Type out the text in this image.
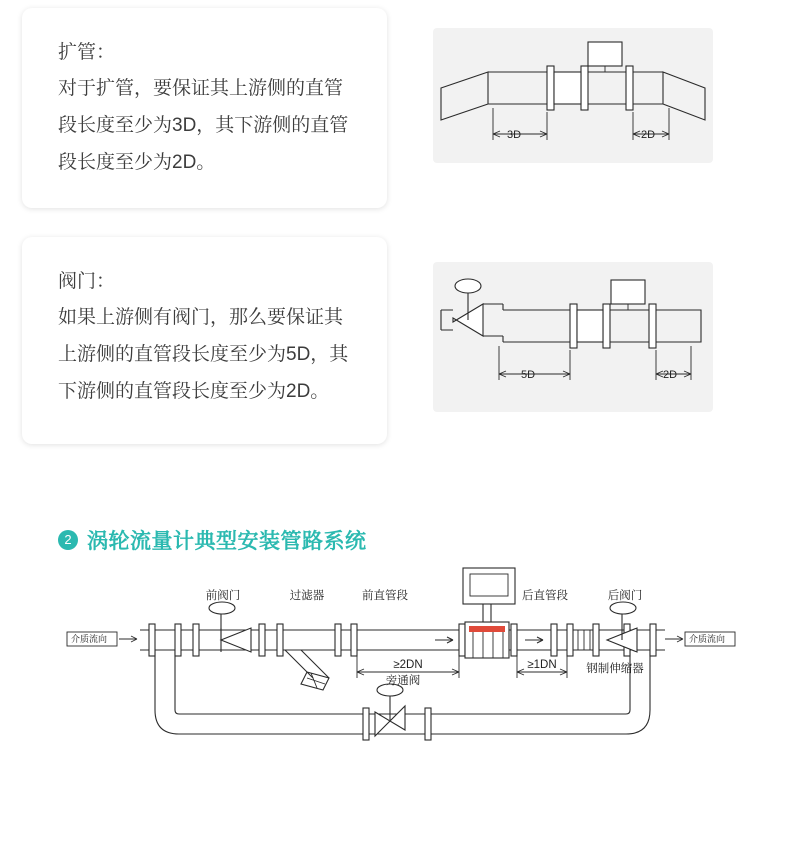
扩管：
对于扩管，要保证其上游侧的直管段长度至少为3D，其下游侧的直管段长度至少为2D。
3D	2D
阀门：
如果上游侧有阀门，那么要保证其上游侧的直管段长度至少为5D，其下游侧的直管段长度至少为2D。
5D	2D
2 涡轮流量计典型安装管路系统
介质流向	介质流向
旁通阀
前阀门	过滤器	前直管段	后直管段
钢制伸缩器
后阀门
≥2DN	≥1DN
